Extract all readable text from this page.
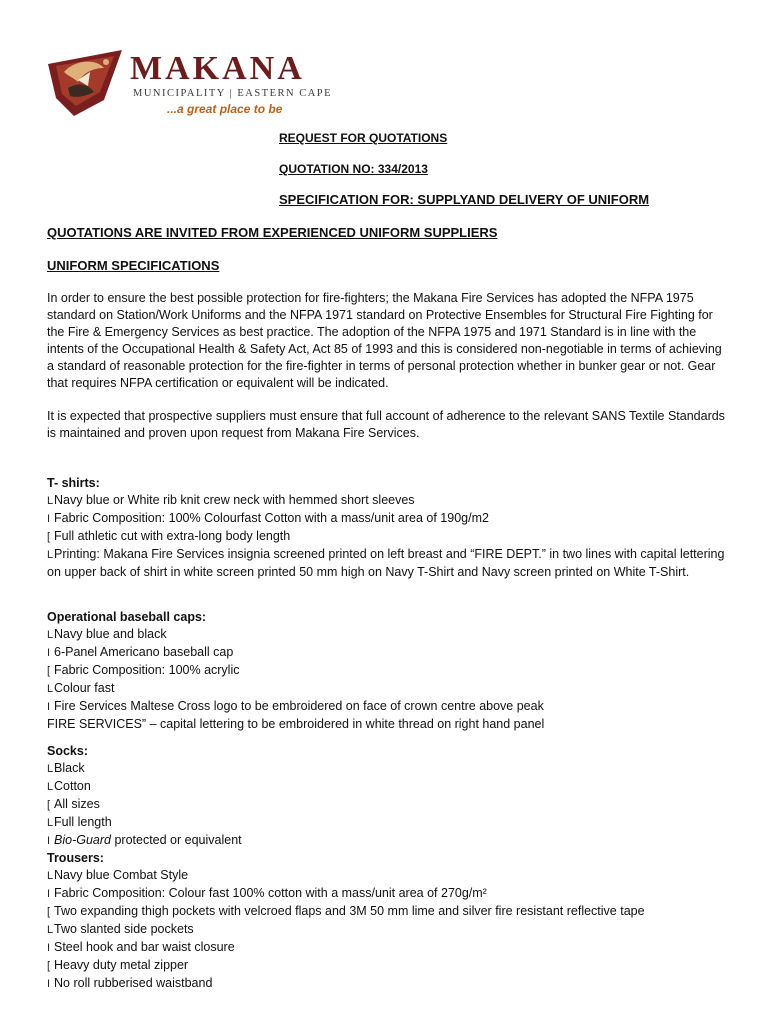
MAKANA
MUNICIPALITY | EASTERN CAPE
...a great place to be
REQUEST FOR QUOTATIONS
QUOTATION NO: 334/2013
SPECIFICATION FOR: SUPPLYAND DELIVERY OF UNIFORM
QUOTATIONS ARE INVITED FROM EXPERIENCED UNIFORM SUPPLIERS
UNIFORM SPECIFICATIONS

In order to ensure the best possible protection for fire-fighters; the Makana Fire Services has adopted the NFPA 1975 standard on Station/Work Uniforms and the NFPA 1971 standard on Protective Ensembles for Structural Fire Fighting for the Fire & Emergency Services as best practice. The adoption of the NFPA 1975 and 1971 Standard is in line with the intents of the Occupational Health & Safety Act, Act 85 of 1993 and this is considered non-negotiable in terms of achieving a standard of reasonable protection for the fire-fighter in terms of personal protection whether in bunker gear or not. Gear that requires NFPA certification or equivalent will be indicated.

It is expected that prospective suppliers must ensure that full account of adherence to the relevant SANS Textile Standards is maintained and proven upon request from Makana Fire Services.

T- shirts:
LNavy blue or White rib knit crew neck with hemmed short sleeves
I Fabric Composition: 100% Colourfast Cotton with a mass/unit area of 190g/m2
[ Full athletic cut with extra-long body length
LPrinting: Makana Fire Services insignia screened printed on left breast and “FIRE DEPT.” in two lines with capital lettering on upper back of shirt in white screen printed 50 mm high on Navy T-Shirt and Navy screen printed on White T-Shirt.
Operational baseball caps:
LNavy blue and black
I 6-Panel Americano baseball cap
[ Fabric Composition: 100% acrylic
LColour fast
I Fire Services Maltese Cross logo to be embroidered on face of crown centre above peak
FIRE SERVICES” – capital lettering to be embroidered in white thread on right hand panel
Socks:
LBlack
LCotton
[ All sizes
LFull length
I Bio-Guard protected or equivalent
Trousers:
LNavy blue Combat Style
I Fabric Composition: Colour fast 100% cotton with a mass/unit area of 270g/m²
[ Two expanding thigh pockets with velcroed flaps and 3M 50 mm lime and silver fire resistant reflective tape
LTwo slanted side pockets
I Steel hook and bar waist closure
[ Heavy duty metal zipper
I No roll rubberised waistband
